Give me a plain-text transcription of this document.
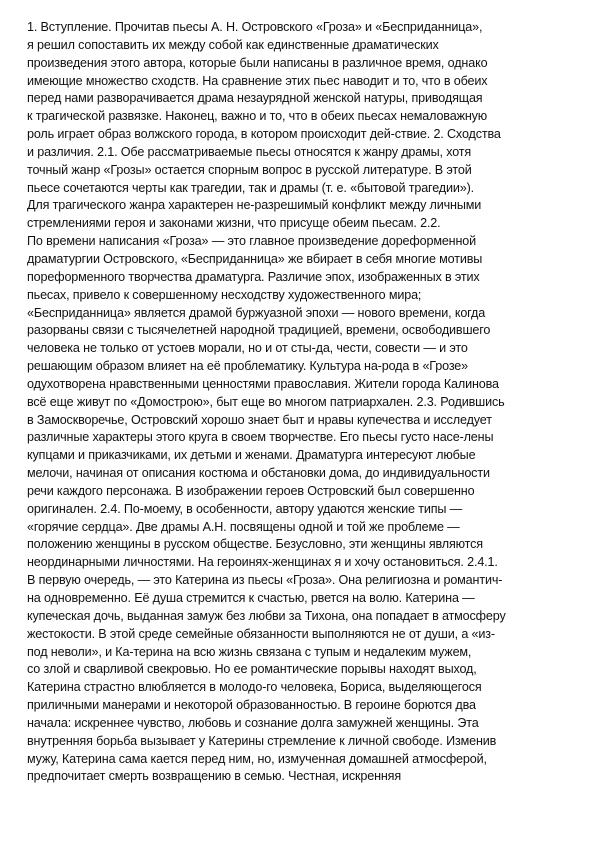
1. Вступление. Прочитав пьесы А. Н. Островского «Гроза» и «Бесприданница»,
я решил сопоставить их между собой как единственные драматических
произведения этого автора, которые были написаны в различное время, однако
имеющие множество сходств. На сравнение этих пьес наводит и то, что в обеих
перед нами разворачивается драма незаурядной женской натуры, приводящая
к трагической развязке. Наконец, важно и то, что в обеих пьесах немаловажную
роль играет образ волжского города, в котором происходит дей-ствие. 2. Сходства
и различия. 2.1. Обе рассматриваемые пьесы относятся к жанру драмы, хотя
точный жанр «Грозы» остается спорным вопрос в русской литературе. В этой
пьесе сочетаются черты как трагедии, так и драмы (т. е. «бытовой трагедии»).
Для трагического жанра характерен не-разрешимый конфликт между личными
стремлениями героя и законами жизни, что присуще обеим пьесам. 2.2.
По времени написания «Гроза» — это главное произведение дореформенной
драматургии Островского, «Бесприданница» же вбирает в себя многие мотивы
пореформенного творчества драматурга. Различие эпох, изображенных в этих
пьесах, привело к совершенному несходству художественного мира;
«Бесприданница» является драмой буржуазной эпохи — нового времени, когда
разорваны связи с тысячелетней народной традицией, времени, освободившего
человека не только от устоев морали, но и от сты-да, чести, совести — и это
решающим образом влияет на её проблематику. Культура на-рода в «Грозе»
одухотворена нравственными ценностями православия. Жители города Калинова
всё еще живут по «Домострою», быт еще во многом патриархален. 2.3. Родившись
в Замоскворечье, Островский хорошо знает быт и нравы купечества и исследует
различные характеры этого круга в своем творчестве. Его пьесы густо насе-лены
купцами и приказчиками, их детьми и женами. Драматурга интересуют любые
мелочи, начиная от описания костюма и обстановки дома, до индивидуальности
речи каждого персонажа. В изображении героев Островский был совершенно
оригинален. 2.4. По-моему, в особенности, автору удаются женские типы —
«горячие сердца». Две драмы А.Н. посвящены одной и той же проблеме —
положению женщины в русском обществе. Безусловно, эти женщины являются
неординарными личностями. На героинях-женщинах я и хочу остановиться. 2.4.1.
В первую очередь, — это Катерина из пьесы «Гроза». Она религиозна и романтич-
на одновременно. Её душа стремится к счастью, рвется на волю. Катерина —
купеческая дочь, выданная замуж без любви за Тихона, она попадает в атмосферу
жестокости. В этой среде семейные обязанности выполняются не от души, а «из-
под неволи», и Ка-терина на всю жизнь связана с тупым и недалеким мужем,
со злой и сварливой свекровью. Но ее романтические порывы находят выход,
Катерина страстно влюбляется в молодо-го человека, Бориса, выделяющегося
приличными манерами и некоторой образованностью. В героине борются два
начала: искреннее чувство, любовь и сознание долга замужней женщины. Эта
внутренняя борьба вызывает у Катерины стремление к личной свободе. Изменив
мужу, Катерина сама кается перед ним, но, измученная домашней атмосферой,
предпочитает смерть возвращению в семью. Честная, искренняя
